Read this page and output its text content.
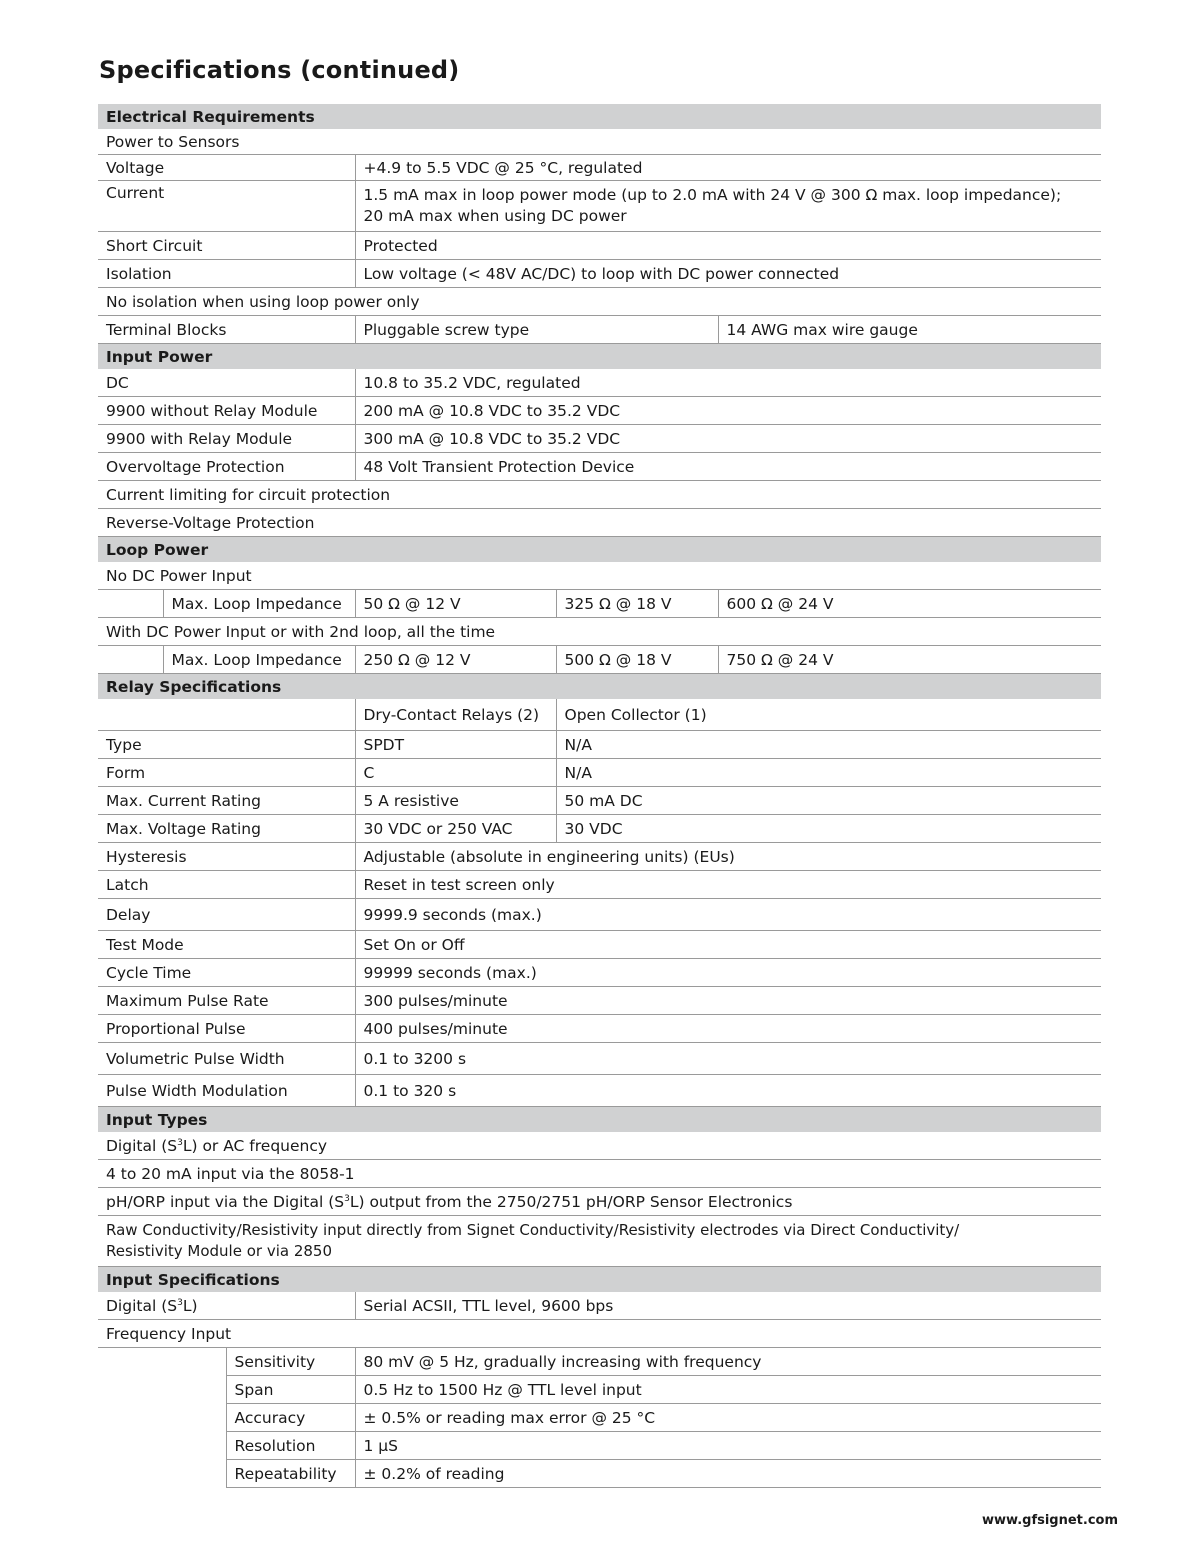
Specifications (continued)
Electrical Requirements					
Power to Sensors					
Voltage			+4.9 to 5.5 VDC @ 25 °C, regulated		
Current			1.5 mA max in loop power mode (up to 2.0 mA with 24 V @ 300 Ω max. loop impedance);
20 mA max when using DC power		

Short Circuit			Protected		
Isolation			Low voltage (< 48V AC/DC) to loop with DC power connected		
No isolation when using loop power only					
Terminal Blocks			Pluggable screw type		14 AWG max wire gauge
Input Power					
DC			10.8 to 35.2 VDC, regulated		
9900 without Relay Module			200 mA @ 10.8 VDC to 35.2 VDC		
9900 with Relay Module			300 mA @ 10.8 VDC to 35.2 VDC		
Overvoltage Protection			48 Volt Transient Protection Device		
Current limiting for circuit protection					
Reverse-Voltage Protection					
Loop Power					
No DC Power Input					
	Max. Loop Impedance		50 Ω @ 12 V	325 Ω @ 18 V	600 Ω @ 24 V
With DC Power Input or with 2nd loop, all the time					
	Max. Loop Impedance		250 Ω @ 12 V	500 Ω @ 18 V	750 Ω @ 24 V
Relay Specifications					
			Dry-Contact Relays (2)	Open Collector (1)	
Type			SPDT	N/A	
Form			C	N/A	
Max. Current Rating			5 A resistive	50 mA DC	
Max. Voltage Rating			30 VDC or 250 VAC	30 VDC	
Hysteresis			Adjustable (absolute in engineering units) (EUs)		
Latch			Reset in test screen only		
Delay			9999.9 seconds (max.)		
Test Mode			Set On or Off		
Cycle Time			99999 seconds (max.)		
Maximum Pulse Rate			300 pulses/minute		
Proportional Pulse			400 pulses/minute		
Volumetric Pulse Width			0.1 to 3200 s		
Pulse Width Modulation			0.1 to 320 s		
Input Types					
Digital $(S^3L)$ or AC frequency					
4 to 20 mA input via the 8058-1					
pH/ORP input via the Digital $(S^3L)$ output from the 2750/2751 pH/ORP Sensor Electronics					

Raw Conductivity/Resistivity input directly from Signet Conductivity/Resistivity electrodes via Direct Conductivity/
Resistivity Module or via 2850					

Input Specifications					
Digital $(S^3L)$			Serial ACSII, TTL level, 9600 bps		
Frequency Input					
		Sensitivity	80 mV @ 5 Hz, gradually increasing with frequency		
		Span	0.5 Hz to 1500 Hz @ TTL level input		
		Accuracy	± 0.5% or reading max error @ 25 °C		
		Resolution	1 µS		
		Repeatability	± 0.2% of reading		
www.gfsignet.com
